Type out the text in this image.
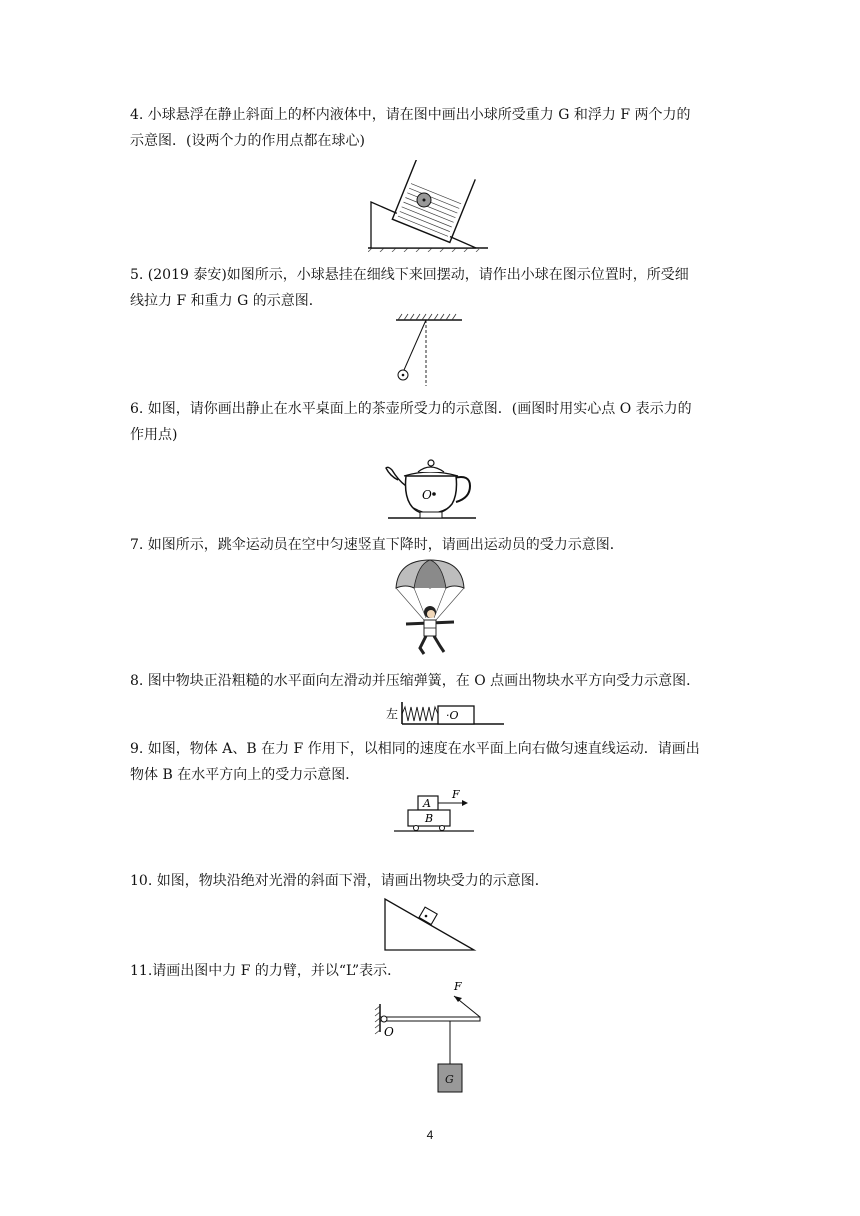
4. 小球悬浮在静止斜面上的杯内液体中，请在图中画出小球所受重力 G 和浮力 F 两个力的
示意图．(设两个力的作用点都在球心)
5. (2019 泰安)如图所示，小球悬挂在细线下来回摆动，请作出小球在图示位置时，所受细
线拉力 F 和重力 G 的示意图．
6. 如图，请你画出静止在水平桌面上的茶壶所受力的示意图．(画图时用实心点 O 表示力的
作用点)
O
7. 如图所示，跳伞运动员在空中匀速竖直下降时，请画出运动员的受力示意图．
8. 图中物块正沿粗糙的水平面向左滑动并压缩弹簧，在 O 点画出物块水平方向受力示意图．
左	·O
9. 如图，物体 A、B 在力 F 作用下，以相同的速度在水平面上向右做匀速直线运动．请画出
物体 B 在水平方向上的受力示意图．
A
F
B
10. 如图，物块沿绝对光滑的斜面下滑，请画出物块受力的示意图．
11.请画出图中力 F 的力臂，并以“L”表示．
O
F
G
4
